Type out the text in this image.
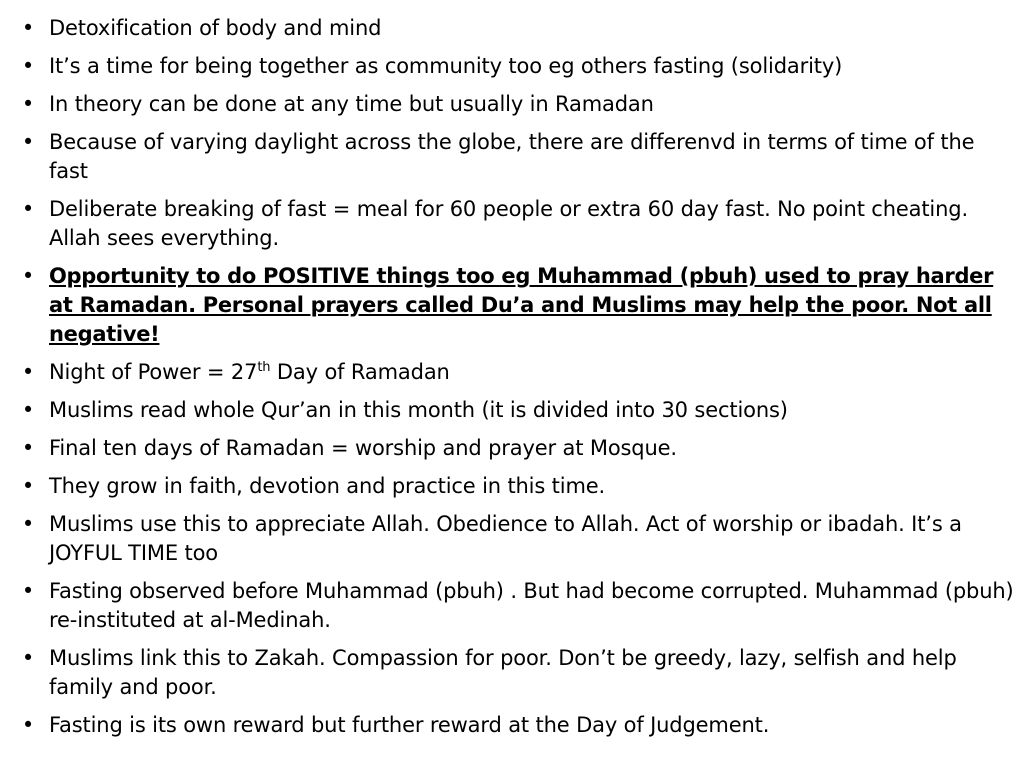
• Detoxification of body and mind
• It’s a time for being together as community too eg others fasting (solidarity)
• In theory can be done at any time but usually in Ramadan
• Because of varying daylight across the globe, there are differenvd in terms of time of the fast
• Deliberate breaking of fast = meal for 60 people or extra 60 day fast. No point cheating. Allah sees everything.
• Opportunity to do POSITIVE things too eg Muhammad (pbuh) used to pray harder at Ramadan. Personal prayers called Du’a and Muslims may help the poor. Not all negative!
• Night of Power = 27th Day of Ramadan
• Muslims read whole Qur’an in this month (it is divided into 30 sections)
• Final ten days of Ramadan = worship and prayer at Mosque.
• They grow in faith, devotion and practice in this time.
• Muslims use this to appreciate Allah. Obedience to Allah. Act of worship or ibadah. It’s a JOYFUL TIME too
• Fasting observed before Muhammad (pbuh) . But had become corrupted. Muhammad (pbuh) re-instituted at al-Medinah.
• Muslims link this to Zakah. Compassion for poor. Don’t be greedy, lazy, selfish and help family and poor.
• Fasting is its own reward but further reward at the Day of Judgement.
